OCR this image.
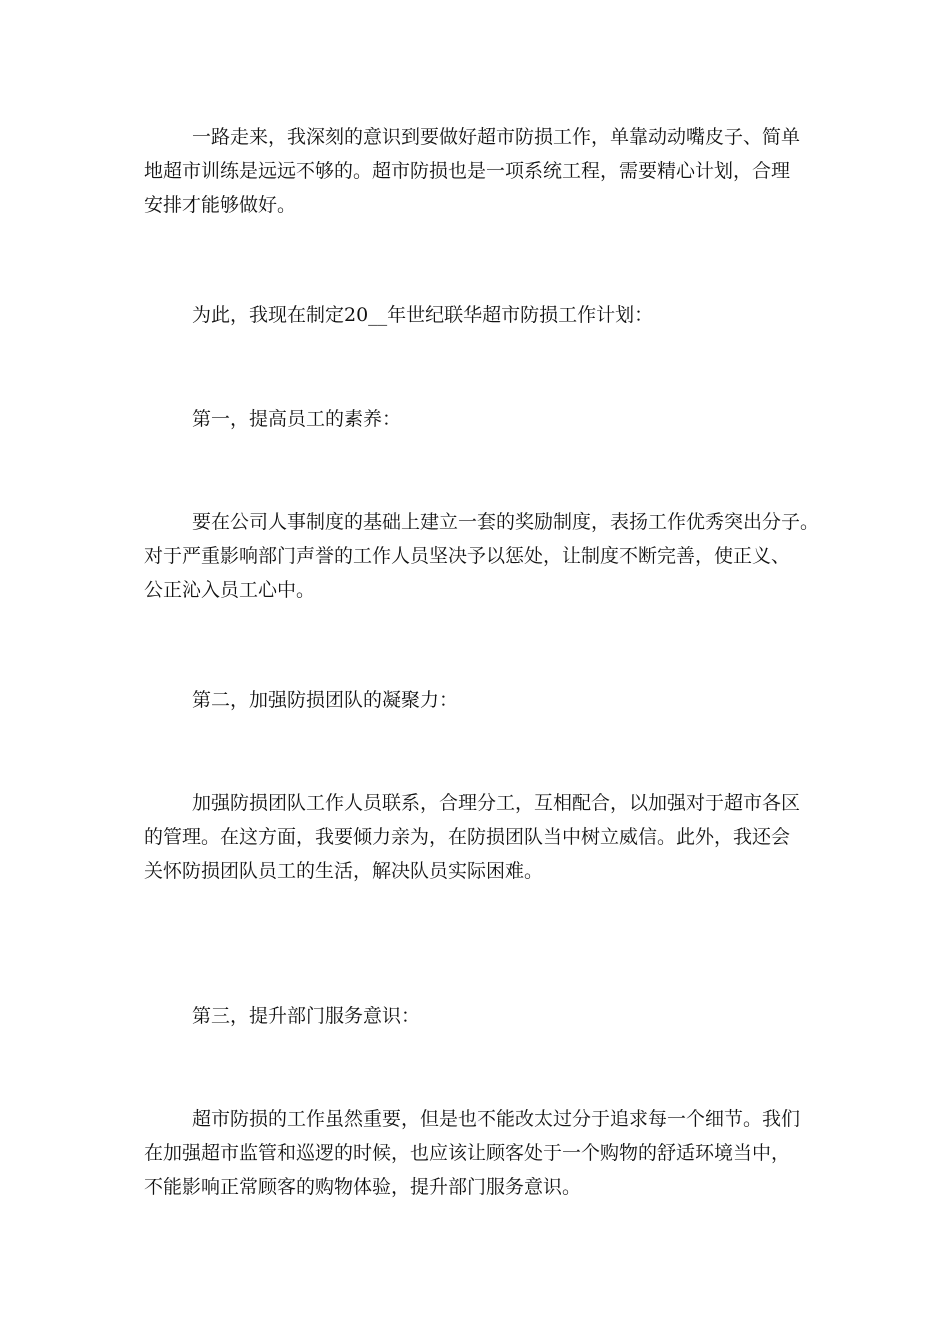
一路走来，我深刻的意识到要做好超市防损工作，单靠动动嘴皮子、简单
地超市训练是远远不够的。超市防损也是一项系统工程，需要精心计划，合理
安排才能够做好。

为此，我现在制定20__年世纪联华超市防损工作计划：

第一，提高员工的素养：

要在公司人事制度的基础上建立一套的奖励制度，表扬工作优秀突出分子。
对于严重影响部门声誉的工作人员坚决予以惩处，让制度不断完善，使正义、
公正沁入员工心中。

第二，加强防损团队的凝聚力：

加强防损团队工作人员联系，合理分工，互相配合，以加强对于超市各区
的管理。在这方面，我要倾力亲为，在防损团队当中树立威信。此外，我还会
关怀防损团队员工的生活，解决队员实际困难。

第三，提升部门服务意识：

超市防损的工作虽然重要，但是也不能改太过分于追求每一个细节。我们
在加强超市监管和巡逻的时候，也应该让顾客处于一个购物的舒适环境当中，
不能影响正常顾客的购物体验，提升部门服务意识。
